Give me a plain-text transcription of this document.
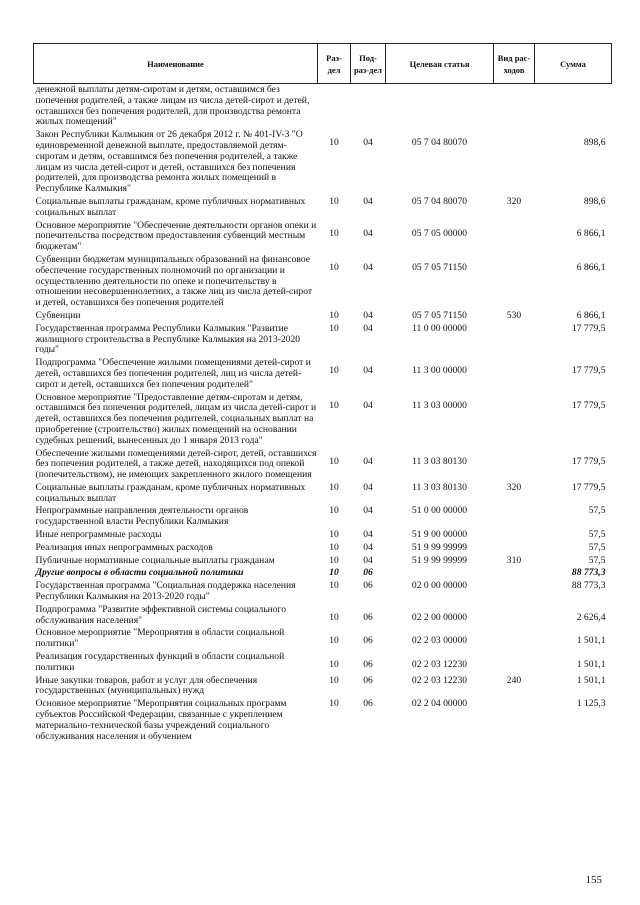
Наименование	Раз-дел	Под-раз-дел	Целевая статья	Вид рас-ходов	Сумма
денежной выплаты детям-сиротам и детям, оставшимся без попечения родителей, а также лицам из числа детей-сирот и детей, оставшихся без попечения родителей, для производства ремонта жилых помещений"					
Закон Республики Калмыкия от 26 декабря 2012 г. № 401-IV-З "О единовременной денежной выплате, предоставляемой детям-сиротам и детям, оставшимся без попечения родителей, а также лицам из числа детей-сирот и детей, оставшихся без попечения родителей, для производства ремонта жилых помещений в Республике Калмыкия"	10	04	05 7 04 80070		898,6
Социальные выплаты гражданам, кроме публичных нормативных социальных выплат	10	04	05 7 04 80070	320	898,6
Основное мероприятие "Обеспечение деятельности органов опеки и попечительства посредством предоставления субвенций местным бюджетам"	10	04	05 7 05 00000		6 866,1
Субвенции бюджетам муниципальных образований на финансовое обеспечение государственных полномочий по организации и осуществлению деятельности по опеке и попечительству в отношении несовершеннолетних, а также лиц из числа детей-сирот и детей, оставшихся без попечения родителей	10	04	05 7 05 71150		6 866,1
Субвенции	10	04	05 7 05 71150	530	6 866,1
Государственная программа Республики Калмыкия "Развитие жилищного строительства в Республике Калмыкия на 2013-2020 годы"	10	04	11 0 00 00000		17 779,5
Подпрограмма "Обеспечение жилыми помещениями детей-сирот и детей, оставшихся без попечения родителей, лиц из числа детей-сирот и детей, оставшихся без попечения родителей"	10	04	11 3 00 00000		17 779,5
Основное мероприятие "Предоставление детям-сиротам и детям, оставшимся без попечения родителей, лицам из числа детей-сирот и детей, оставшихся без попечения родителей, социальных выплат на приобретение (строительство) жилых помещений на основании судебных решений, вынесенных до 1 января 2013 года"	10	04	11 3 03 00000		17 779,5
Обеспечение жилыми помещениями детей-сирот, детей, оставшихся без попечения родителей, а также детей, находящихся под опекой (попечительством), не имеющих закрепленного жилого помещения	10	04	11 3 03 80130		17 779,5
Социальные выплаты гражданам, кроме публичных нормативных социальных выплат	10	04	11 3 03 80130	320	17 779,5
Непрограммные направления деятельности органов государственной власти Республики Калмыкия	10	04	51 0 00 00000		57,5
Иные непрограммные расходы	10	04	51 9 00 00000		57,5
Реализация иных непрограммных расходов	10	04	51 9 99 99999		57,5
Публичные нормативные социальные выплаты гражданам	10	04	51 9 99 99999	310	57,5
Другие вопросы в области социальной политики	10	06			88 773,3
Государственная программа "Социальная поддержка населения Республики Калмыкия на 2013-2020 годы"	10	06	02 0 00 00000		88 773,3
Подпрограмма "Развитие эффективной системы социального обслуживания населения"	10	06	02 2 00 00000		2 626,4
Основное мероприятие "Мероприятия в области социальной политики"	10	06	02 2 03 00000		1 501,1
Реализация государственных функций в области социальной политики	10	06	02 2 03 12230		1 501,1
Иные закупки товаров, работ и услуг для обеспечения государственных (муниципальных) нужд	10	06	02 2 03 12230	240	1 501,1
Основное мероприятие "Мероприятия социальных программ субъектов Российской Федерации, связанные с укреплением материально-технической базы учреждений социального обслуживания населения и обучением	10	06	02 2 04 00000		1 125,3
155
